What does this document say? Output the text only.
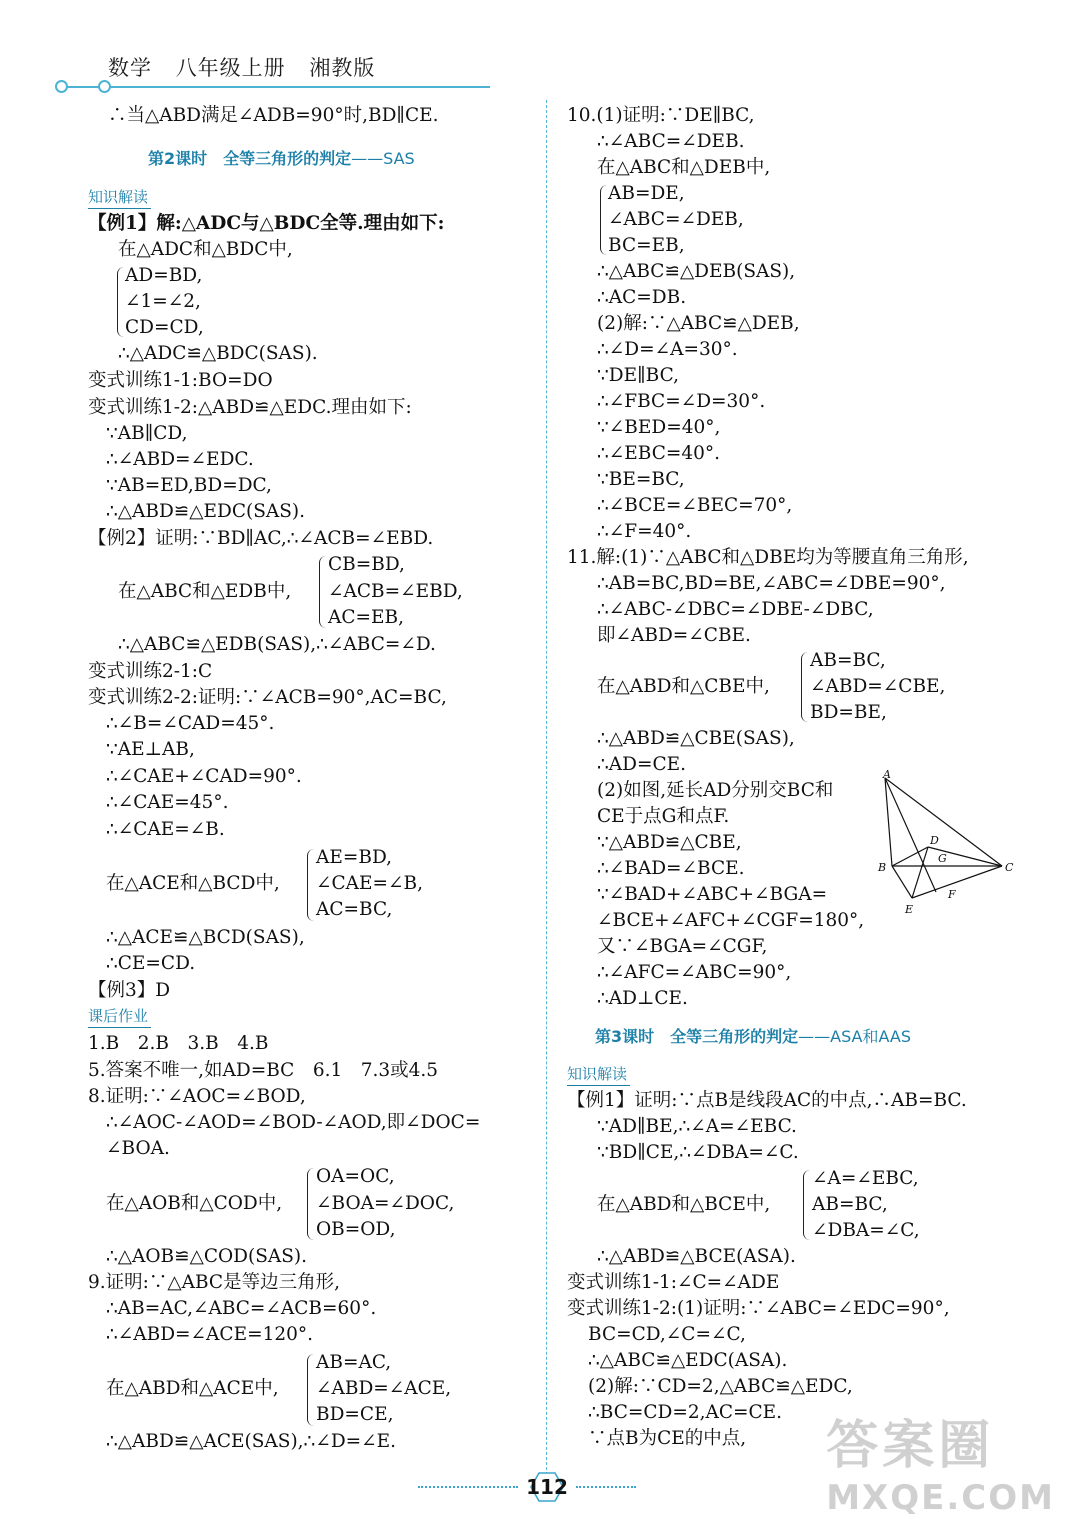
数学 八年级上册 湘教版
∴当△ABD满足∠ADB=90°时,BD∥CE.
第2课时　全等三角形的判定——SAS
知识解读
【例1】解:△ADC与△BDC全等.理由如下:
在△ADC和△BDC中,
AD=BD,
∠1=∠2,
CD=CD,
∴△ADC≌△BDC(SAS).
变式训练1-1:BO=DO
变式训练1-2:△ABD≌△EDC.理由如下:
∵AB∥CD,
∴∠ABD=∠EDC.
∵AB=ED,BD=DC,
∴△ABD≌△EDC(SAS).
【例2】证明:∵BD∥AC,∴∠ACB=∠EBD.
CB=BD,
在△ABC和△EDB中, ∠ACB=∠EBD,
AC=EB,
∴△ABC≌△EDB(SAS),∴∠ABC=∠D.
变式训练2-1:C
变式训练2-2:证明:∵∠ACB=90°,AC=BC,
∴∠B=∠CAD=45°.
∵AE⊥AB,
∴∠CAE+∠CAD=90°.
∴∠CAE=45°.
∴∠CAE=∠B.
AE=BD,
在△ACE和△BCD中, ∠CAE=∠B,
AC=BC,
∴△ACE≌△BCD(SAS),
∴CE=CD.
【例3】D
课后作业
1.B　2.B　3.B　4.B
5.答案不唯一,如AD=BC　6.1　7.3或4.5
8.证明:∵∠AOC=∠BOD,
∴∠AOC-∠AOD=∠BOD-∠AOD,即∠DOC=
∠BOA.
OA=OC,
在△AOB和△COD中, ∠BOA=∠DOC,
OB=OD,
∴△AOB≌△COD(SAS).
9.证明:∵△ABC是等边三角形,
∴AB=AC,∠ABC=∠ACB=60°.
∴∠ABD=∠ACE=120°.
AB=AC,
在△ABD和△ACE中, ∠ABD=∠ACE,
BD=CE,
∴△ABD≌△ACE(SAS),∴∠D=∠E.
10.(1)证明:∵DE∥BC,
∴∠ABC=∠DEB.
在△ABC和△DEB中,
AB=DE,
∠ABC=∠DEB,
BC=EB,
∴△ABC≌△DEB(SAS),
∴AC=DB.
(2)解:∵△ABC≌△DEB,
∴∠D=∠A=30°.
∵DE∥BC,
∴∠FBC=∠D=30°.
∵∠BED=40°,
∴∠EBC=40°.
∵BE=BC,
∴∠BCE=∠BEC=70°,
∴∠F=40°.
11.解:(1)∵△ABC和△DBE均为等腰直角三角形,
∴AB=BC,BD=BE,∠ABC=∠DBE=90°,
∴∠ABC-∠DBC=∠DBE-∠DBC,
即∠ABD=∠CBE.
AB=BC,
在△ABD和△CBE中, ∠ABD=∠CBE,
BD=BE,
∴△ABD≌△CBE(SAS),
∴AD=CE.
(2)如图,延长AD分别交BC和
CE于点G和点F.
∵△ABD≌△CBE,
∴∠BAD=∠BCE.
∵∠BAD+∠ABC+∠BGA=
∠BCE+∠AFC+∠CGF=180°,
又∵∠BGA=∠CGF,
∴∠AFC=∠ABC=90°,
∴AD⊥CE.
第3课时　全等三角形的判定——ASA和AAS
知识解读
【例1】证明:∵点B是线段AC的中点,∴AB=BC.
∵AD∥BE,∴∠A=∠EBC.
∵BD∥CE,∴∠DBA=∠C.
∠A=∠EBC,
在△ABD和△BCE中, AB=BC,
∠DBA=∠C,
∴△ABD≌△BCE(ASA).
变式训练1-1:∠C=∠ADE
变式训练1-2:(1)证明:∵∠ABC=∠EDC=90°,
BC=CD,∠C=∠C,
∴△ABC≌△EDC(ASA).
(2)解:∵CD=2,△ABC≌△EDC,
∴BC=CD=2,AC=CE.
∵点B为CE的中点,
A
B	C
D
E
F
G
112
答案圈
MXQE.COM
